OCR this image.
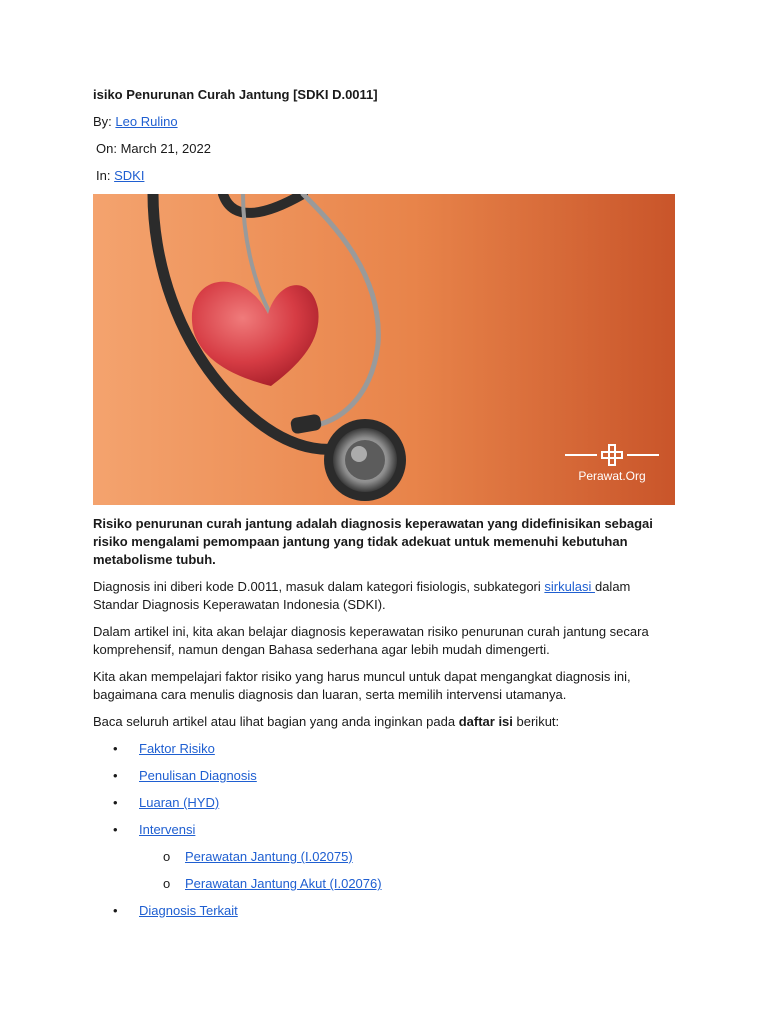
isiko Penurunan Curah Jantung [SDKI D.0011]
By: Leo Rulino
On: March 21, 2022
In: SDKI
Perawat.Org
Risiko penurunan curah jantung adalah diagnosis keperawatan yang didefinisikan sebagai risiko mengalami pemompaan jantung yang tidak adekuat untuk memenuhi kebutuhan metabolisme tubuh.

Diagnosis ini diberi kode D.0011, masuk dalam kategori fisiologis, subkategori sirkulasi dalam Standar Diagnosis Keperawatan Indonesia (SDKI).

Dalam artikel ini, kita akan belajar diagnosis keperawatan risiko penurunan curah jantung secara komprehensif, namun dengan Bahasa sederhana agar lebih mudah dimengerti.

Kita akan mempelajari faktor risiko yang harus muncul untuk dapat mengangkat diagnosis ini, bagaimana cara menulis diagnosis dan luaran, serta memilih intervensi utamanya.

Baca seluruh artikel atau lihat bagian yang anda inginkan pada daftar isi berikut:

• Faktor Risiko
• Penulisan Diagnosis
• Luaran (HYD)
• Intervensi
o Perawatan Jantung (I.02075)
o Perawatan Jantung Akut (I.02076)
• Diagnosis Terkait
